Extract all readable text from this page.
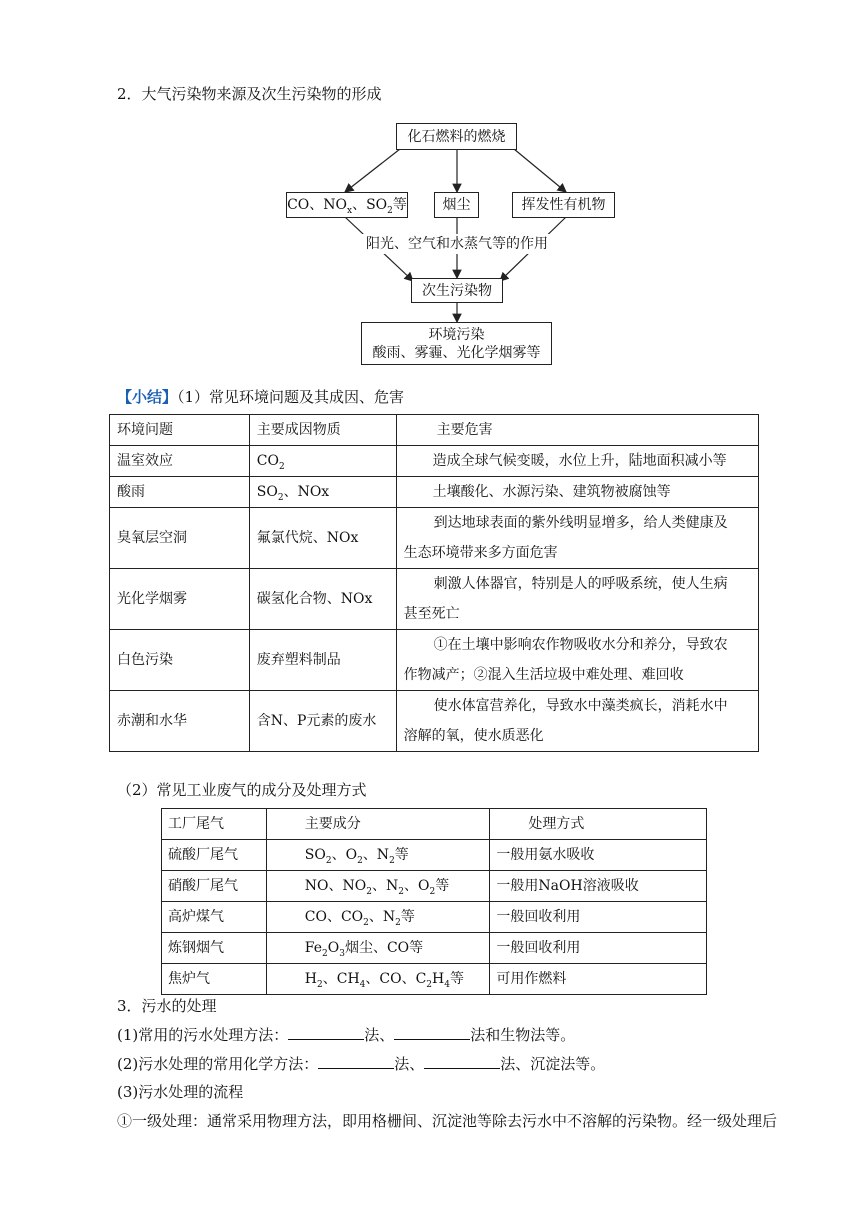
2．大气污染物来源及次生污染物的形成
化石燃料的燃烧
CO、$NO_x$、$SO_2$等	烟尘	挥发性有机物
阳光、空气和水蒸气等的作用
次生污染物
环境污染
酸雨、雾霾、光化学烟雾等
【小结】（1）常见环境问题及其成因、危害
环境问题	主要成因物质	主要危害
温室效应	$CO_2$	造成全球气候变暖，水位上升，陆地面积减小等
酸雨	$SO_2$、NOx	土壤酸化、水源污染、建筑物被腐蚀等
臭氧层空洞	氟氯代烷、NOx	到达地球表面的紫外线明显增多，给人类健康及
生态环境带来多方面危害

光化学烟雾	碳氢化合物、NOx	刺激人体器官，特别是人的呼吸系统，使人生病
甚至死亡

白色污染	废弃塑料制品	①在土壤中影响农作物吸收水分和养分，导致农
作物减产；②混入生活垃圾中难处理、难回收

赤潮和水华	含N、P元素的废水	使水体富营养化，导致水中藻类疯长，消耗水中
溶解的氧，使水质恶化
（2）常见工业废气的成分及处理方式
工厂尾气	主要成分	处理方式
硫酸厂尾气	$SO_2$、$O_2$、$N_2$等	一般用氨水吸收
硝酸厂尾气	NO、$NO_2$、$N_2$、$O_2$等	一般用NaOH溶液吸收
高炉煤气	CO、$CO_2$、$N_2$等	一般回收利用
炼钢烟气	$Fe_2O_3$烟尘、CO等	一般回收利用
焦炉气	$H_2$、$CH_4$、CO、$C_2H_4$等	可用作燃料
3．污水的处理
(1)常用的污水处理方法：	法、	法和生物法等。
(2)污水处理的常用化学方法：	法、	法、沉淀法等。
(3)污水处理的流程
①一级处理：通常采用物理方法，即用格栅间、沉淀池等除去污水中不溶解的污染物。经一级处理后
